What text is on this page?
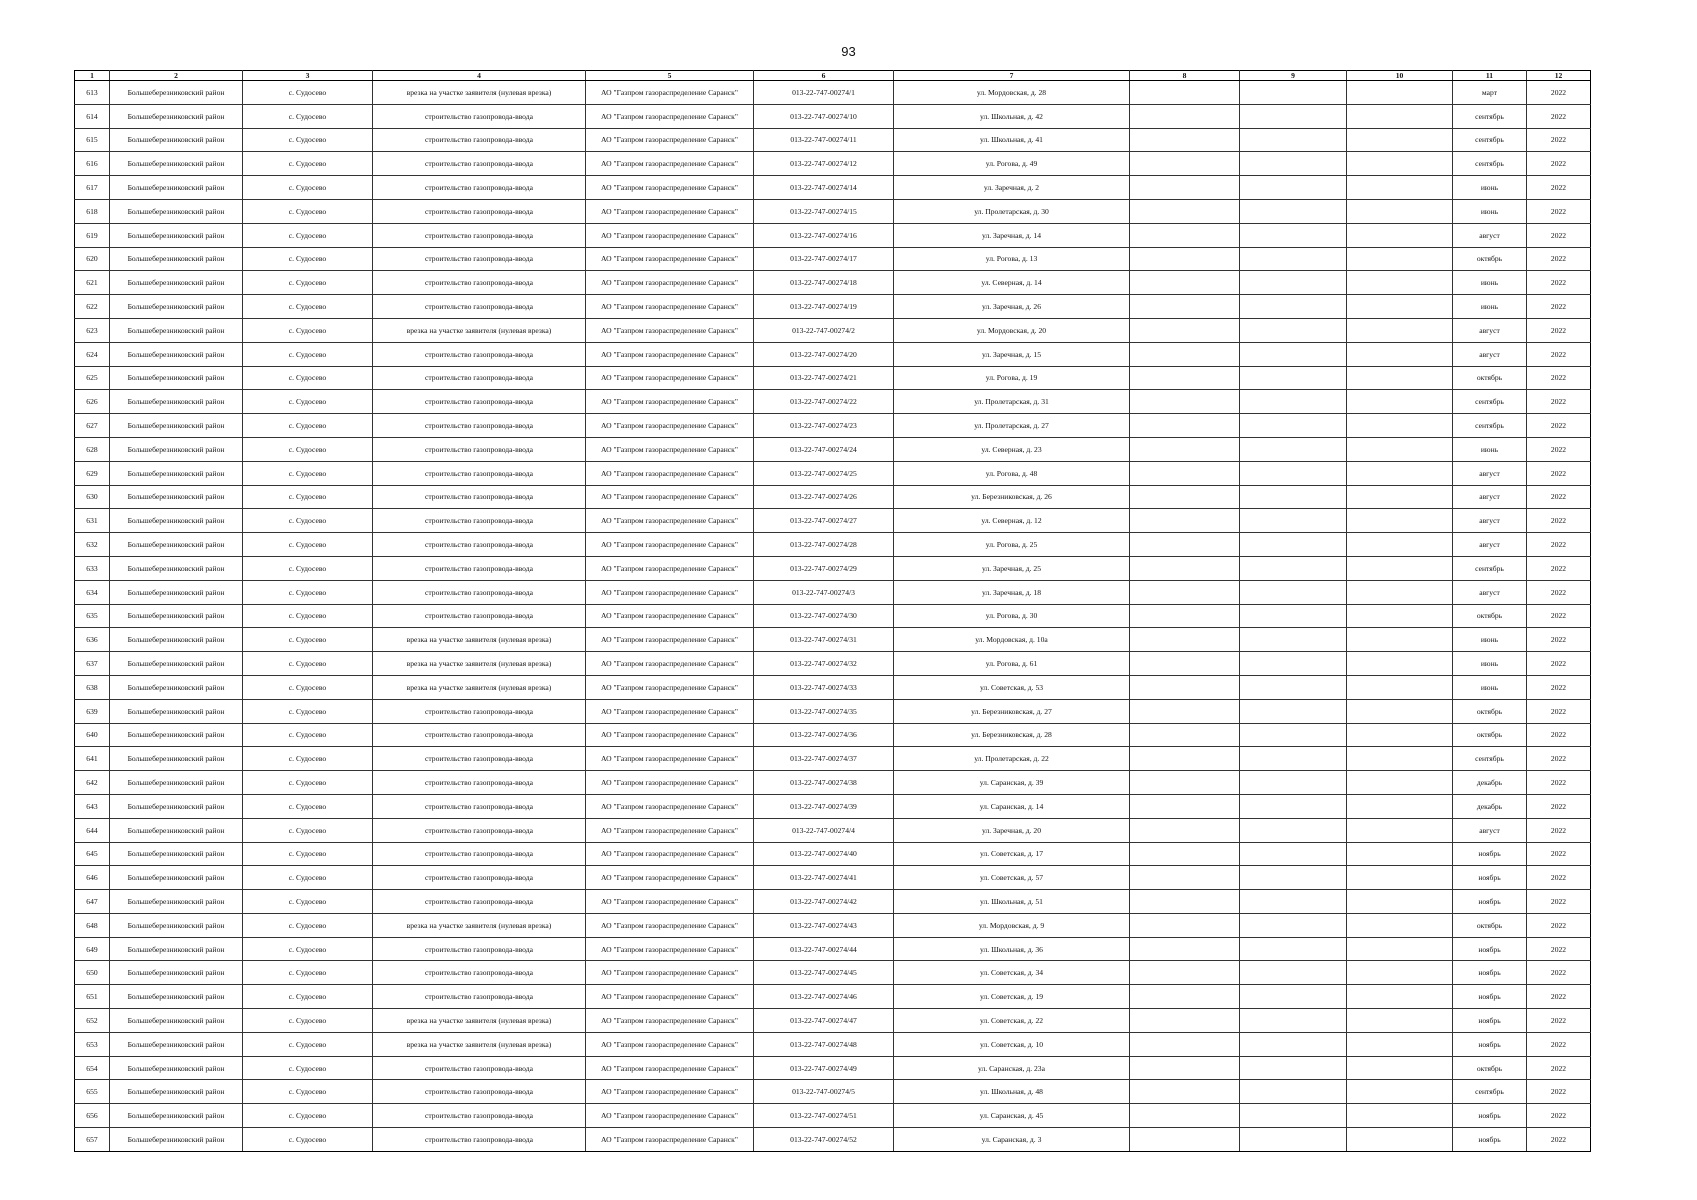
93
1	2	3	4	5	6	7	8	9	10	11	12
613	Большеберезниковский район	с. Судосево	врезка на участке заявителя (нулевая врезка)	АО "Газпром газораспределение Саранск"	013-22-747-00274/1	ул. Мордовская, д. 28				март	2022
614	Большеберезниковский район	с. Судосево	строительство газопровода-ввода	АО "Газпром газораспределение Саранск"	013-22-747-00274/10	ул. Школьная, д. 42				сентябрь	2022
615	Большеберезниковский район	с. Судосево	строительство газопровода-ввода	АО "Газпром газораспределение Саранск"	013-22-747-00274/11	ул. Школьная, д. 41				сентябрь	2022
616	Большеберезниковский район	с. Судосево	строительство газопровода-ввода	АО "Газпром газораспределение Саранск"	013-22-747-00274/12	ул. Рогова, д. 49				сентябрь	2022
617	Большеберезниковский район	с. Судосево	строительство газопровода-ввода	АО "Газпром газораспределение Саранск"	013-22-747-00274/14	ул. Заречная, д. 2				июнь	2022
618	Большеберезниковский район	с. Судосево	строительство газопровода-ввода	АО "Газпром газораспределение Саранск"	013-22-747-00274/15	ул. Пролетарская, д. 30				июнь	2022
619	Большеберезниковский район	с. Судосево	строительство газопровода-ввода	АО "Газпром газораспределение Саранск"	013-22-747-00274/16	ул. Заречная, д. 14				август	2022
620	Большеберезниковский район	с. Судосево	строительство газопровода-ввода	АО "Газпром газораспределение Саранск"	013-22-747-00274/17	ул. Рогова, д. 13				октябрь	2022
621	Большеберезниковский район	с. Судосево	строительство газопровода-ввода	АО "Газпром газораспределение Саранск"	013-22-747-00274/18	ул. Северная, д. 14				июнь	2022
622	Большеберезниковский район	с. Судосево	строительство газопровода-ввода	АО "Газпром газораспределение Саранск"	013-22-747-00274/19	ул. Заречная, д. 26				июнь	2022
623	Большеберезниковский район	с. Судосево	врезка на участке заявителя (нулевая врезка)	АО "Газпром газораспределение Саранск"	013-22-747-00274/2	ул. Мордовская, д. 20				август	2022
624	Большеберезниковский район	с. Судосево	строительство газопровода-ввода	АО "Газпром газораспределение Саранск"	013-22-747-00274/20	ул. Заречная, д. 15				август	2022
625	Большеберезниковский район	с. Судосево	строительство газопровода-ввода	АО "Газпром газораспределение Саранск"	013-22-747-00274/21	ул. Рогова, д. 19				октябрь	2022
626	Большеберезниковский район	с. Судосево	строительство газопровода-ввода	АО "Газпром газораспределение Саранск"	013-22-747-00274/22	ул. Пролетарская, д. 31				сентябрь	2022
627	Большеберезниковский район	с. Судосево	строительство газопровода-ввода	АО "Газпром газораспределение Саранск"	013-22-747-00274/23	ул. Пролетарская, д. 27				сентябрь	2022
628	Большеберезниковский район	с. Судосево	строительство газопровода-ввода	АО "Газпром газораспределение Саранск"	013-22-747-00274/24	ул. Северная, д. 23				июнь	2022
629	Большеберезниковский район	с. Судосево	строительство газопровода-ввода	АО "Газпром газораспределение Саранск"	013-22-747-00274/25	ул. Рогова, д. 48				август	2022
630	Большеберезниковский район	с. Судосево	строительство газопровода-ввода	АО "Газпром газораспределение Саранск"	013-22-747-00274/26	ул. Березниковская, д. 26				август	2022
631	Большеберезниковский район	с. Судосево	строительство газопровода-ввода	АО "Газпром газораспределение Саранск"	013-22-747-00274/27	ул. Северная, д. 12				август	2022
632	Большеберезниковский район	с. Судосево	строительство газопровода-ввода	АО "Газпром газораспределение Саранск"	013-22-747-00274/28	ул. Рогова, д. 25				август	2022
633	Большеберезниковский район	с. Судосево	строительство газопровода-ввода	АО "Газпром газораспределение Саранск"	013-22-747-00274/29	ул. Заречная, д. 25				сентябрь	2022
634	Большеберезниковский район	с. Судосево	строительство газопровода-ввода	АО "Газпром газораспределение Саранск"	013-22-747-00274/3	ул. Заречная, д. 18				август	2022
635	Большеберезниковский район	с. Судосево	строительство газопровода-ввода	АО "Газпром газораспределение Саранск"	013-22-747-00274/30	ул. Рогова, д. 30				октябрь	2022
636	Большеберезниковский район	с. Судосево	врезка на участке заявителя (нулевая врезка)	АО "Газпром газораспределение Саранск"	013-22-747-00274/31	ул. Мордовская, д. 10а				июнь	2022
637	Большеберезниковский район	с. Судосево	врезка на участке заявителя (нулевая врезка)	АО "Газпром газораспределение Саранск"	013-22-747-00274/32	ул. Рогова, д. 61				июнь	2022
638	Большеберезниковский район	с. Судосево	врезка на участке заявителя (нулевая врезка)	АО "Газпром газораспределение Саранск"	013-22-747-00274/33	ул. Советская, д. 53				июнь	2022
639	Большеберезниковский район	с. Судосево	строительство газопровода-ввода	АО "Газпром газораспределение Саранск"	013-22-747-00274/35	ул. Березниковская, д. 27				октябрь	2022
640	Большеберезниковский район	с. Судосево	строительство газопровода-ввода	АО "Газпром газораспределение Саранск"	013-22-747-00274/36	ул. Березниковская, д. 28				октябрь	2022
641	Большеберезниковский район	с. Судосево	строительство газопровода-ввода	АО "Газпром газораспределение Саранск"	013-22-747-00274/37	ул. Пролетарская, д. 22				сентябрь	2022
642	Большеберезниковский район	с. Судосево	строительство газопровода-ввода	АО "Газпром газораспределение Саранск"	013-22-747-00274/38	ул. Саранская, д. 39				декабрь	2022
643	Большеберезниковский район	с. Судосево	строительство газопровода-ввода	АО "Газпром газораспределение Саранск"	013-22-747-00274/39	ул. Саранская, д. 14				декабрь	2022
644	Большеберезниковский район	с. Судосево	строительство газопровода-ввода	АО "Газпром газораспределение Саранск"	013-22-747-00274/4	ул. Заречная, д. 20				август	2022
645	Большеберезниковский район	с. Судосево	строительство газопровода-ввода	АО "Газпром газораспределение Саранск"	013-22-747-00274/40	ул. Советская, д. 17				ноябрь	2022
646	Большеберезниковский район	с. Судосево	строительство газопровода-ввода	АО "Газпром газораспределение Саранск"	013-22-747-00274/41	ул. Советская, д. 57				ноябрь	2022
647	Большеберезниковский район	с. Судосево	строительство газопровода-ввода	АО "Газпром газораспределение Саранск"	013-22-747-00274/42	ул. Школьная, д. 51				ноябрь	2022
648	Большеберезниковский район	с. Судосево	врезка на участке заявителя (нулевая врезка)	АО "Газпром газораспределение Саранск"	013-22-747-00274/43	ул. Мордовская, д. 9				октябрь	2022
649	Большеберезниковский район	с. Судосево	строительство газопровода-ввода	АО "Газпром газораспределение Саранск"	013-22-747-00274/44	ул. Школьная, д. 36				ноябрь	2022
650	Большеберезниковский район	с. Судосево	строительство газопровода-ввода	АО "Газпром газораспределение Саранск"	013-22-747-00274/45	ул. Советская, д. 34				ноябрь	2022
651	Большеберезниковский район	с. Судосево	строительство газопровода-ввода	АО "Газпром газораспределение Саранск"	013-22-747-00274/46	ул. Советская, д. 19				ноябрь	2022
652	Большеберезниковский район	с. Судосево	врезка на участке заявителя (нулевая врезка)	АО "Газпром газораспределение Саранск"	013-22-747-00274/47	ул. Советская, д. 22				ноябрь	2022
653	Большеберезниковский район	с. Судосево	врезка на участке заявителя (нулевая врезка)	АО "Газпром газораспределение Саранск"	013-22-747-00274/48	ул. Советская, д. 10				ноябрь	2022
654	Большеберезниковский район	с. Судосево	строительство газопровода-ввода	АО "Газпром газораспределение Саранск"	013-22-747-00274/49	ул. Саранская, д. 23а				октябрь	2022
655	Большеберезниковский район	с. Судосево	строительство газопровода-ввода	АО "Газпром газораспределение Саранск"	013-22-747-00274/5	ул. Школьная, д. 48				сентябрь	2022
656	Большеберезниковский район	с. Судосево	строительство газопровода-ввода	АО "Газпром газораспределение Саранск"	013-22-747-00274/51	ул. Саранская, д. 45				ноябрь	2022
657	Большеберезниковский район	с. Судосево	строительство газопровода-ввода	АО "Газпром газораспределение Саранск"	013-22-747-00274/52	ул. Саранская, д. 3				ноябрь	2022
